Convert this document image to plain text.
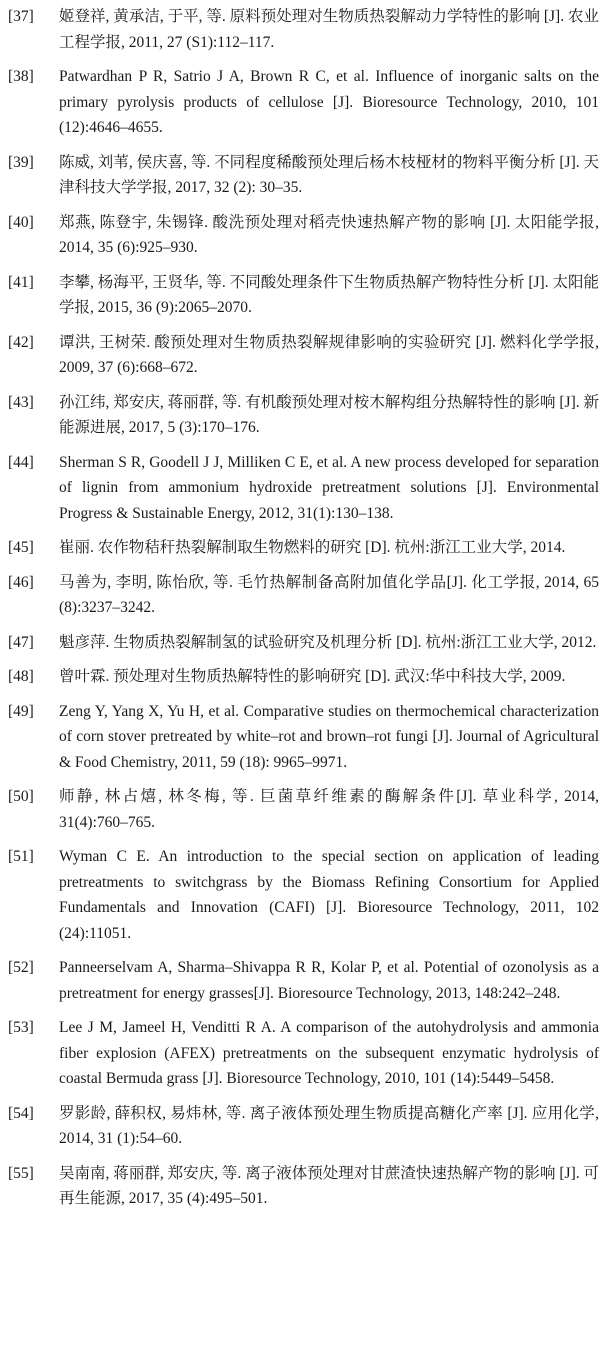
[37] 姬登祥, 黄承洁, 于平, 等. 原料预处理对生物质热裂解动力学特性的影响 [J]. 农业工程学报, 2011, 27 (S1):112–117.
[38] Patwardhan P R, Satrio J A, Brown R C, et al. Influence of inorganic salts on the primary pyrolysis products of cellulose [J]. Bioresource Technology, 2010, 101 (12):4646–4655.
[39] 陈威, 刘苇, 侯庆喜, 等. 不同程度稀酸预处理后杨木枝桠材的物料平衡分析 [J]. 天津科技大学学报, 2017, 32 (2): 30–35.
[40] 郑燕, 陈登宇, 朱锡锋. 酸洗预处理对稻壳快速热解产物的影响 [J]. 太阳能学报, 2014, 35 (6):925–930.
[41] 李攀, 杨海平, 王贤华, 等. 不同酸处理条件下生物质热解产物特性分析 [J]. 太阳能学报, 2015, 36 (9):2065–2070.
[42] 谭洪, 王树荣. 酸预处理对生物质热裂解规律影响的实验研究 [J]. 燃料化学学报, 2009, 37 (6):668–672.
[43] 孙江纬, 郑安庆, 蒋丽群, 等. 有机酸预处理对桉木解构组分热解特性的影响 [J]. 新能源进展, 2017, 5 (3):170–176.
[44] Sherman S R, Goodell J J, Milliken C E, et al. A new process developed for separation of lignin from ammonium hydroxide pretreatment solutions [J]. Environmental Progress & Sustainable Energy, 2012, 31(1):130–138.
[45] 崔丽. 农作物秸秆热裂解制取生物燃料的研究 [D]. 杭州:浙江工业大学, 2014.
[46] 马善为, 李明, 陈怡欣, 等. 毛竹热解制备高附加值化学品[J]. 化工学报, 2014, 65 (8):3237–3242.
[47] 魁彦萍. 生物质热裂解制氢的试验研究及机理分析 [D]. 杭州:浙江工业大学, 2012.
[48] 曾叶霖. 预处理对生物质热解特性的影响研究 [D]. 武汉:华中科技大学, 2009.
[49] Zeng Y, Yang X, Yu H, et al. Comparative studies on thermochemical characterization of corn stover pretreated by white–rot and brown–rot fungi [J]. Journal of Agricultural & Food Chemistry, 2011, 59 (18): 9965–9971.
[50] 师静, 林占熺, 林冬梅, 等. 巨菌草纤维素的酶解条件[J]. 草业科学, 2014, 31(4):760–765.
[51] Wyman C E. An introduction to the special section on application of leading pretreatments to switchgrass by the Biomass Refining Consortium for Applied Fundamentals and Innovation (CAFI) [J]. Bioresource Technology, 2011, 102 (24):11051.
[52] Panneerselvam A, Sharma–Shivappa R R, Kolar P, et al. Potential of ozonolysis as a pretreatment for energy grasses[J]. Bioresource Technology, 2013, 148:242–248.
[53] Lee J M, Jameel H, Venditti R A. A comparison of the autohydrolysis and ammonia fiber explosion (AFEX) pretreatments on the subsequent enzymatic hydrolysis of coastal Bermuda grass [J]. Bioresource Technology, 2010, 101 (14):5449–5458.
[54] 罗影龄, 薛积权, 易炜林, 等. 离子液体预处理生物质提高糖化产率 [J]. 应用化学, 2014, 31 (1):54–60.
[55] 吴南南, 蒋丽群, 郑安庆, 等. 离子液体预处理对甘蔗渣快速热解产物的影响 [J]. 可再生能源, 2017, 35 (4):495–501.
